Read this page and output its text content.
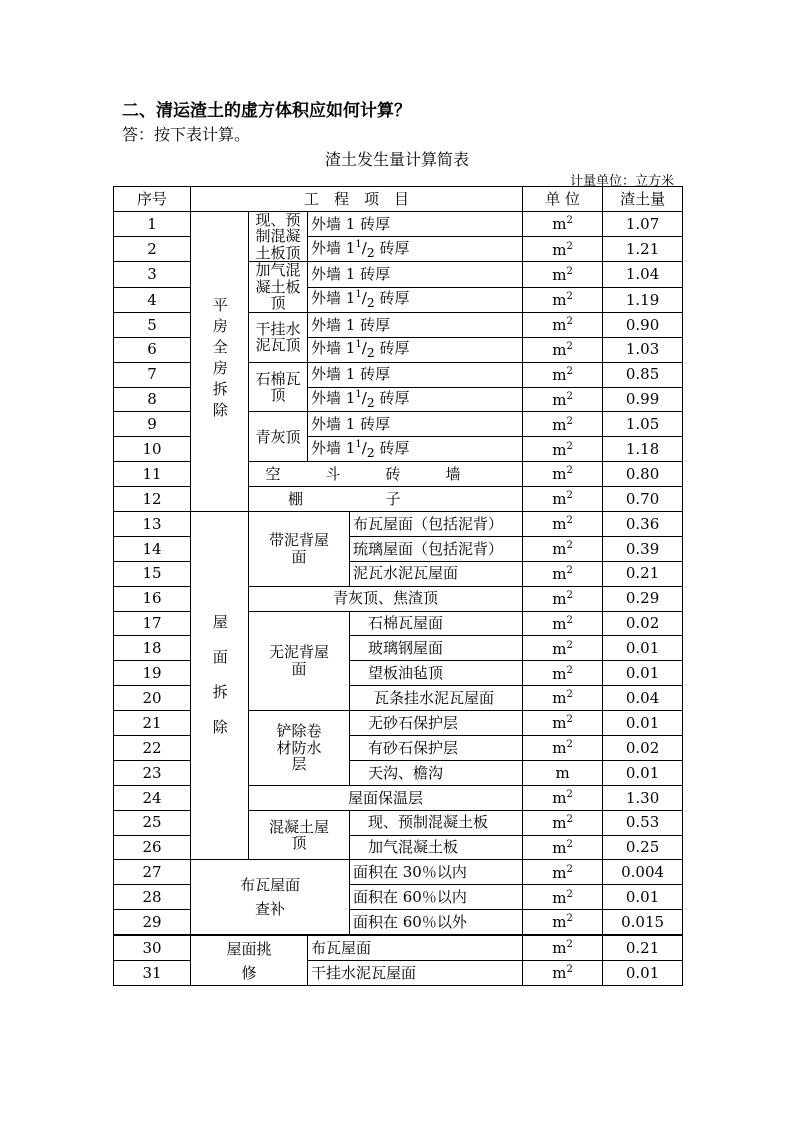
二、清运渣土的虚方体积应如何计算？
答：按下表计算。
渣土发生量计算简表
计量单位：立方米
序号	工　程　项　目				单 位	渣土量
1	平房全房拆除	现、预制混凝土板顶	外墙 1 砖厚		$m^2$	1.07
2			外墙 $1^1/_2$ 砖厚		$m^2$	1.21
3		加气混凝土板顶	外墙 1 砖厚		$m^2$	1.04
4			外墙 $1^1/_2$ 砖厚		$m^2$	1.19
5		干挂水泥瓦顶	外墙 1 砖厚		$m^2$	0.90
6			外墙 $1^1/_2$ 砖厚		$m^2$	1.03
7		石棉瓦顶	外墙 1 砖厚		$m^2$	0.85
8			外墙 $1^1/_2$ 砖厚		$m^2$	0.99
9		青灰顶	外墙 1 砖厚		$m^2$	1.05
10			外墙 $1^1/_2$ 砖厚		$m^2$	1.18
11		空斗砖墙			$m^2$	0.80
12		棚子			$m^2$	0.70
13	屋面拆除	带泥背屋面		布瓦屋面（包括泥背）	$m^2$	0.36
14				琉璃屋面（包括泥背）	$m^2$	0.39
15				泥瓦水泥瓦屋面	$m^2$	0.21
16		青灰顶、焦渣顶			$m^2$	0.29
17		无泥背屋面		石棉瓦屋面	$m^2$	0.02
18				玻璃钢屋面	$m^2$	0.01
19				望板油毡顶	$m^2$	0.01
20				瓦条挂水泥瓦屋面	$m^2$	0.04
21		铲除卷材防水层		无砂石保护层	$m^2$	0.01
22				有砂石保护层	$m^2$	0.02
23				天沟、檐沟	m	0.01
24		屋面保温层			$m^2$	1.30
25		混凝土屋顶		现、预制混凝土板	$m^2$	0.53
26				加气混凝土板	$m^2$	0.25
27	布瓦屋面查补			面积在 30％以内	$m^2$	0.004
28				面积在 60％以内	$m^2$	0.01
29				面积在 60％以外	$m^2$	0.015
30	屋面挑修		布瓦屋面		$m^2$	0.21
31			干挂水泥瓦屋面		$m^2$	0.01
